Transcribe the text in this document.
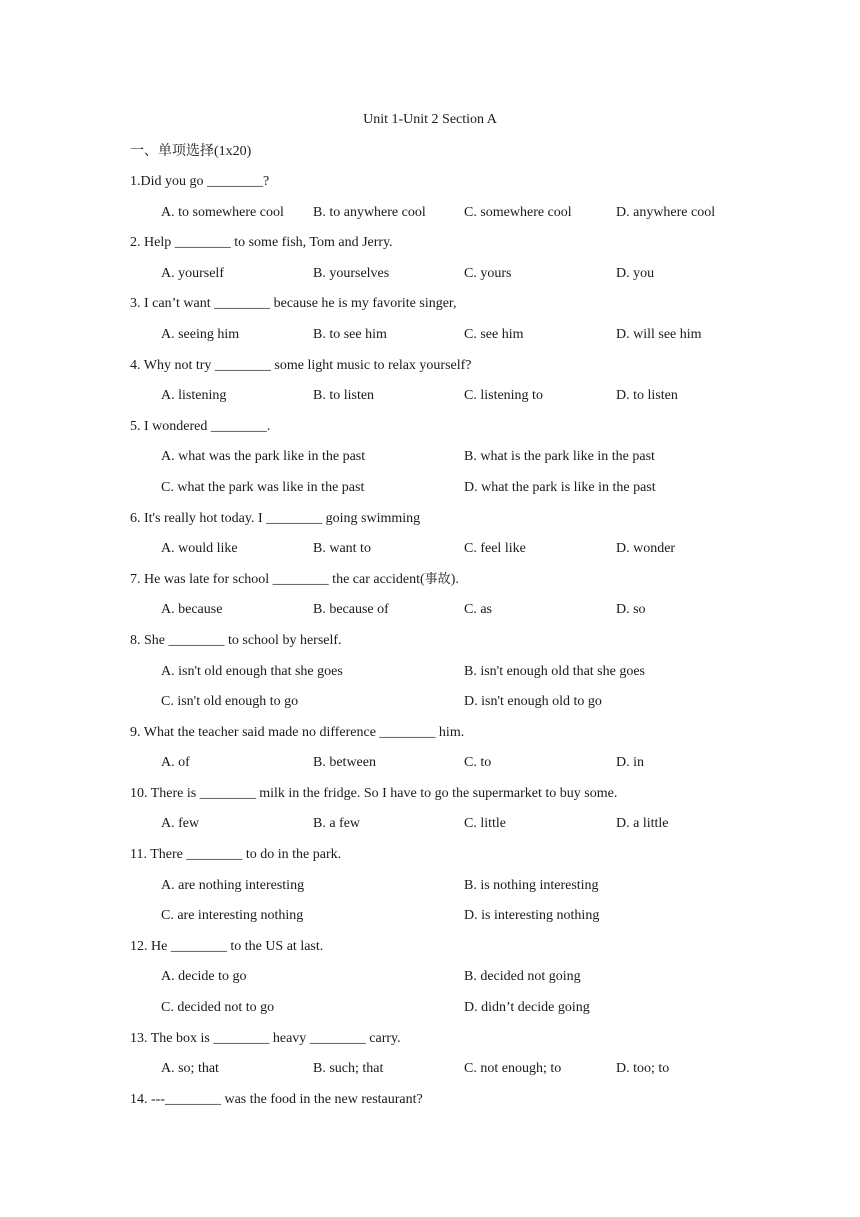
Unit 1-Unit 2 Section A
一、单项选择(1x20)
1.Did you go ________?
A. to somewhere cool B. to anywhere cool	C. somewhere cool	D. anywhere cool
2. Help ________ to some fish, Tom and Jerry.
A. yourself	B. yourselves	C. yours	D. you
3. I can’t want ________ because he is my favorite singer,
A. seeing him	B. to see him	C. see him	D. will see him
4. Why not try ________ some light music to relax yourself?
A. listening	B. to listen	C. listening to	D. to listen
5. I wondered ________.
A. what was the park like in the past	B. what is the park like in the past
C. what the park was like in the past	D. what the park is like in the past
6. It's really hot today. I ________ going swimming
A. would like	B. want to	C. feel like	D. wonder
7. He was late for school ________ the car accident(事故).
A. because	B. because of	C. as	D. so
8. She ________ to school by herself.
A. isn't old enough that she goes	B. isn't enough old that she goes
C. isn't old enough to go	D. isn't enough old to go
9. What the teacher said made no difference ________ him.
A. of	B. between	C. to	D. in
10. There is ________ milk in the fridge. So I have to go the supermarket to buy some.
A. few	B. a few	C. little	D. a little
11. There ________ to do in the park.
A. are nothing interesting	B. is nothing interesting
C. are interesting nothing	D. is interesting nothing
12. He ________ to the US at last.
A. decide to go	B. decided not going
C. decided not to go	D. didn’t decide going
13. The box is ________ heavy ________ carry.
A. so; that	B. such; that	C. not enough; to	D. too; to
14. ---________ was the food in the new restaurant?
